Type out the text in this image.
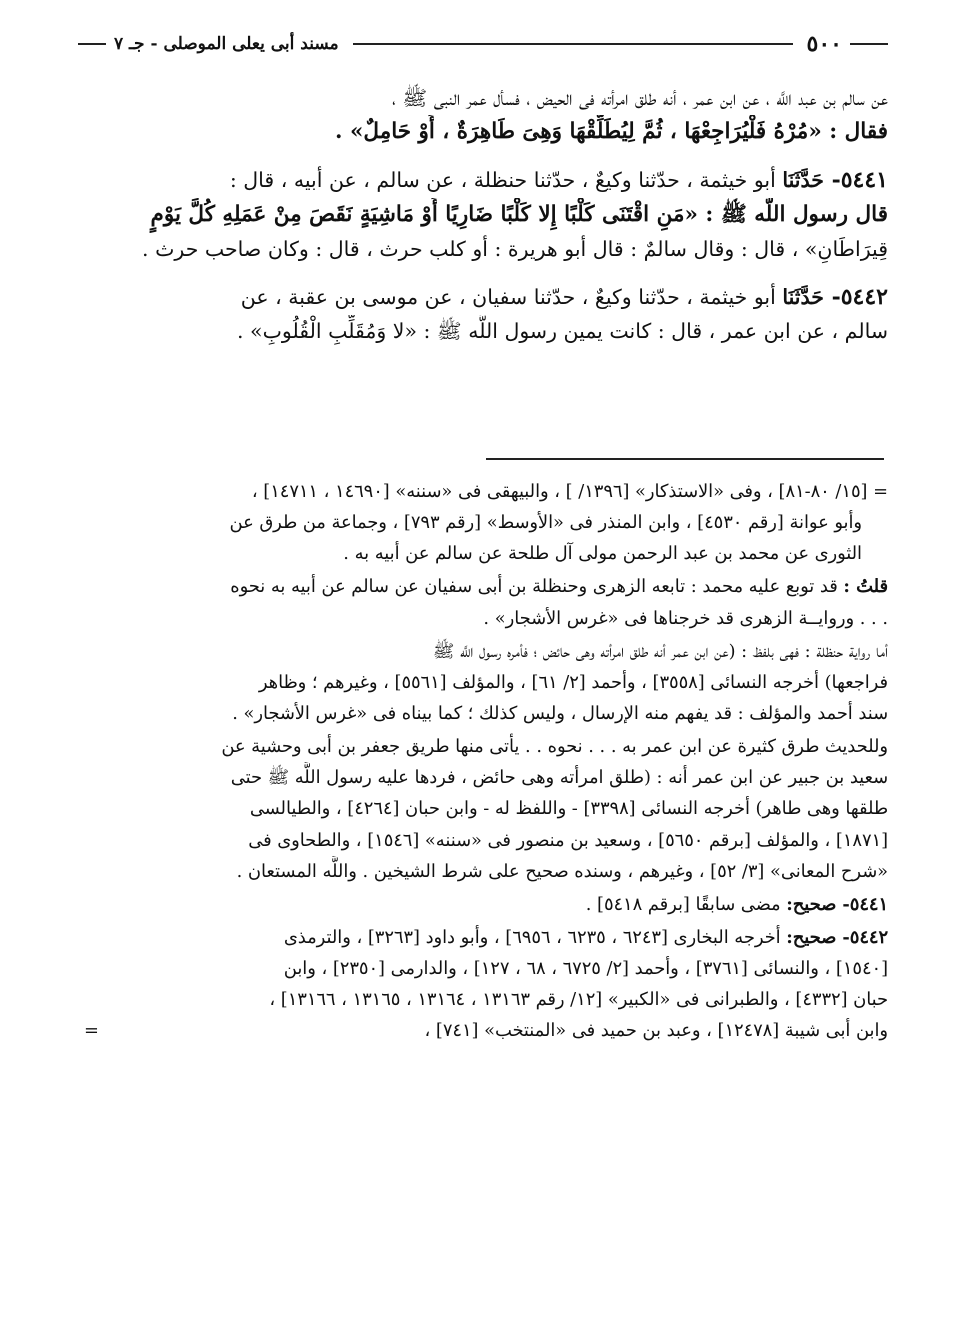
٥٠٠
مسند أبى يعلى الموصلى - جـ ٧

عن سالم بن عبد اللَّه ، عن ابن عمر ، أنه طلق امرأته فى الحيض ، فسأل عمر النبى ﷺ ،
فقال : «مُرْهُ فَلْيُرَاجِعْهَا ، ثُمَّ لِيُطَلِّقْهَا وَهِىَ طَاهِرَةٌ ، أَوْ حَامِلٌ» .

٥٤٤١- حَدَّثَنَا أبو خيثمة ، حدّثنا وكيعٌ ، حدّثنا حنظلة ، عن سالم ، عن أبيه ، قال :
قال رسول اللَّه ﷺ : «مَنِ اقْتَنَى كَلْبًا إِلا كَلْبًا ضَارِيًا أَوْ مَاشِيَةٍ نَقَصَ مِنْ عَمَلِهِ كُلَّ يَوْمٍ
قِيرَاطَانِ» ، قال : وقال سالمٌ : قال أبو هريرة : أو كلب حرث ، قال : وكان صاحب حرث .

٥٤٤٢- حَدَّثَنَا أبو خيثمة ، حدّثنا وكيعٌ ، حدّثنا سفيان ، عن موسى بن عقبة ، عن
سالم ، عن ابن عمر ، قال : كانت يمين رسول اللَّه ﷺ : «لا وَمُقَلِّبِ الْقُلُوبِ» .

= [١٥/ ٨٠-٨١] ، وفى «الاستذكار» [١٣٩٦/ ] ، والبيهقى فى «سننه» [١٤٦٩٠ ، ١٤٧١١] ،
وأبو عوانة [رقم ٤٥٣٠] ، وابن المنذر فى «الأوسط» [رقم ٧٩٣] ، وجماعة من طرق عن
الثورى عن محمد بن عبد الرحمن مولى آل طلحة عن سالم عن أبيه به .
قلتُ : قد توبع عليه محمد : تابعه الزهرى وحنظلة بن أبى سفيان عن سالم عن أبيه به نحوه
. . . وروايــة الزهرى قد خرجناها فى «غرس الأشجار» .
أما رواية حنظلة : فهى بلفظ : (عن ابن عمر أنه طلق امرأته وهى حائض ؛ فأمره رسول اللَّه ﷺ
فراجعها) أخرجه النسائى [٣٥٥٨] ، وأحمد [٢/ ٦١] ، والمؤلف [٥٥٦١] ، وغيرهم ؛ وظاهر
سند أحمد والمؤلف : قد يفهم منه الإرسال ، وليس كذلك ؛ كما بيناه فى «غرس الأشجار» .
وللحديث طرق كثيرة عن ابن عمر به . . . نحوه . . يأتى منها طريق جعفر بن أبى وحشية عن
سعيد بن جبير عن ابن عمر أنه : (طلق امرأته وهى حائض ، فردها عليه رسول اللَّه ﷺ حتى
طلقها وهى طاهر) أخرجه النسائى [٣٣٩٨] - واللفظ له - وابن حبان [٤٢٦٤] ، والطيالسى
[١٨٧١] ، والمؤلف [برقم ٥٦٥٠] ، وسعيد بن منصور فى «سننه» [١٥٤٦] ، والطحاوى فى
«شرح المعانى» [٣/ ٥٢] ، وغيرهم ، وسنده صحيح على شرط الشيخين . واللَّه المستعان .
٥٤٤١- صحيح: مضى سابقًا [برقم ٥٤١٨] .
٥٤٤٢- صحيح: أخرجه البخارى [٦٢٤٣ ، ٦٢٣٥ ، ٦٩٥٦] ، وأبو داود [٣٢٦٣] ، والترمذى
[١٥٤٠] ، والنسائى [٣٧٦١] ، وأحمد [٢/ ٦٧٢٥ ، ٦٨ ، ١٢٧] ، والدارمى [٢٣٥٠] ، وابن
حبان [٤٣٣٢] ، والطبرانى فى «الكبير» [١٢/ رقم ١٣١٦٣ ، ١٣١٦٤ ، ١٣١٦٥ ، ١٣١٦٦] ،
وابن أبى شيبة [١٢٤٧٨] ، وعبد بن حميد فى «المنتخب» [٧٤١] ،
=
